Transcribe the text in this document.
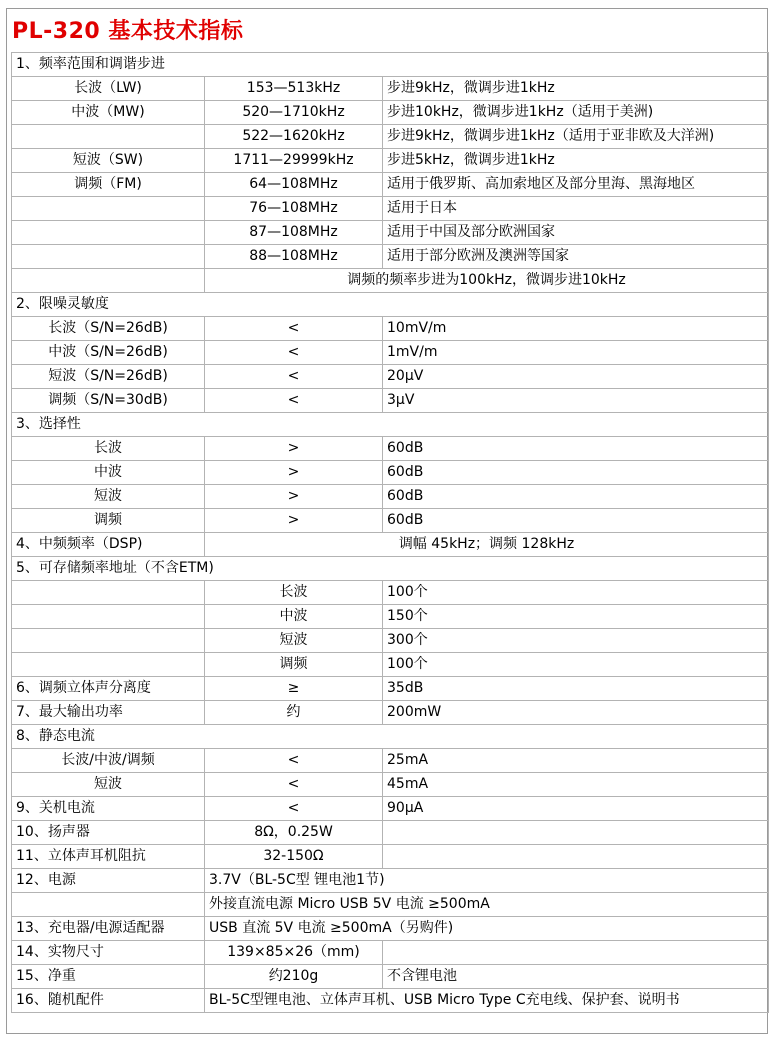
PL-320 基本技术指标
1、频率范围和调谐步进		
长波（LW)	153—513kHz	步进9kHz，微调步进1kHz
中波（MW)	520—1710kHz	步进10kHz，微调步进1kHz（适用于美洲)
	522—1620kHz	步进9kHz，微调步进1kHz（适用于亚非欧及大洋洲)
短波（SW)	1711—29999kHz	步进5kHz，微调步进1kHz
调频（FM)	64—108MHz	适用于俄罗斯、高加索地区及部分里海、黑海地区
	76—108MHz	适用于日本
	87—108MHz	适用于中国及部分欧洲国家
	88—108MHz	适用于部分欧洲及澳洲等国家
	调频的频率步进为100kHz，微调步进10kHz	
2、限噪灵敏度		
长波（S/N=26dB)	<	10mV/m
中波（S/N=26dB)	<	1mV/m
短波（S/N=26dB)	<	20μV
调频（S/N=30dB)	<	3μV
3、选择性		
长波	>	60dB
中波	>	60dB
短波	>	60dB
调频	>	60dB
4、中频频率（DSP)	调幅 45kHz；调频 128kHz	
5、可存储频率地址（不含ETM)		
	长波	100个
	中波	150个
	短波	300个
	调频	100个
6、调频立体声分离度	≥	35dB
7、最大输出功率	约	200mW
8、静态电流		
长波/中波/调频	<	25mA
短波	<	45mA
9、关机电流	<	90μA
10、扬声器	8Ω，0.25W	
11、立体声耳机阻抗	32-150Ω	
12、电源	3.7V（BL-5C型 锂电池1节)	
	外接直流电源 Micro USB 5V 电流 ≥500mA	
13、充电器/电源适配器	USB 直流 5V 电流 ≥500mA（另购件)	
14、实物尺寸	139×85×26（mm)	
15、净重	约210g	不含锂电池
16、随机配件	BL-5C型锂电池、立体声耳机、USB Micro Type C充电线、保护套、说明书	
